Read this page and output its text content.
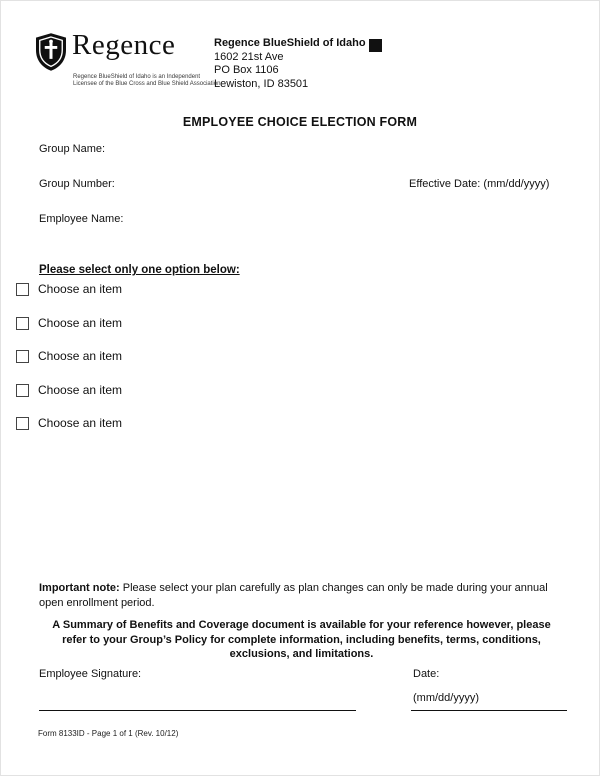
Regence
Regence BlueShield of Idaho is an Independent
Licensee of the Blue Cross and Blue Shield Association
Regence BlueShield of Idaho
1602 21st Ave
PO Box 1106
Lewiston, ID 83501
EMPLOYEE CHOICE ELECTION FORM
Group Name:
Group Number:	Effective Date: (mm/dd/yyyy)
Employee Name:
Please select only one option below:
Choose an item
Choose an item
Choose an item
Choose an item
Choose an item
Important note: Please select your plan carefully as plan changes can only be made during your annual open enrollment period.
A Summary of Benefits and Coverage document is available for your reference however, please refer to your Group’s Policy for complete information, including benefits, terms, conditions, exclusions, and limitations.
Employee Signature:	Date:
(mm/dd/yyyy)
Form 8133ID - Page 1 of 1 (Rev. 10/12)
